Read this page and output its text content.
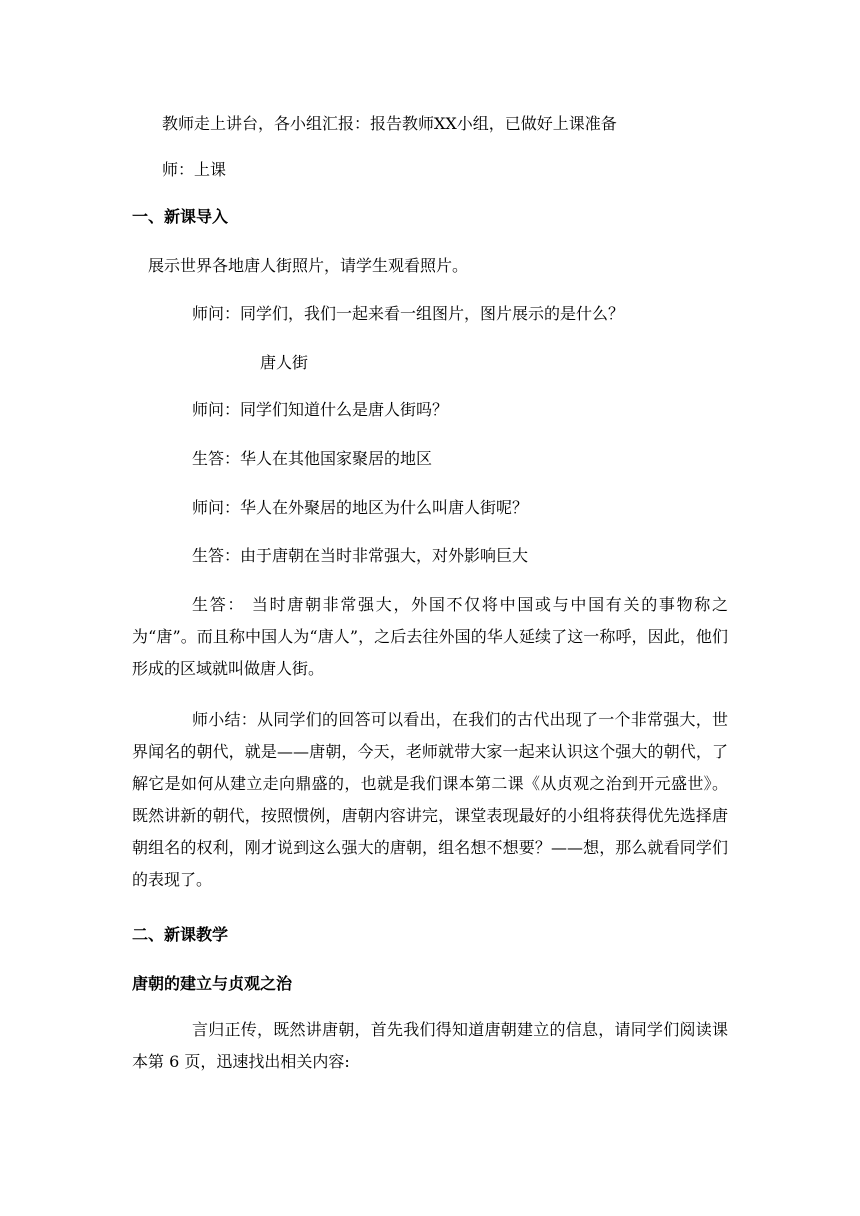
教师走上讲台，各小组汇报：报告教师XX小组，已做好上课准备
师：上课
一、新课导入
展示世界各地唐人街照片，请学生观看照片。
师问：同学们，我们一起来看一组图片，图片展示的是什么？
唐人街
师问：同学们知道什么是唐人街吗？
生答：华人在其他国家聚居的地区
师问：华人在外聚居的地区为什么叫唐人街呢？
生答：由于唐朝在当时非常强大，对外影响巨大

生答： 当时唐朝非常强大，外国不仅将中国或与中国有关的事物称之为“唐”。而且称中国人为“唐人”，之后去往外国的华人延续了这一称呼，因此，他们形成的区域就叫做唐人街。

师小结：从同学们的回答可以看出，在我们的古代出现了一个非常强大，世界闻名的朝代，就是——唐朝，今天，老师就带大家一起来认识这个强大的朝代，了解它是如何从建立走向鼎盛的，也就是我们课本第二课《从贞观之治到开元盛世》。既然讲新的朝代，按照惯例，唐朝内容讲完，课堂表现最好的小组将获得优先选择唐朝组名的权利，刚才说到这么强大的唐朝，组名想不想要？——想，那么就看同学们的表现了。

二、新课教学
唐朝的建立与贞观之治

言归正传，既然讲唐朝，首先我们得知道唐朝建立的信息，请同学们阅读课本第 6 页，迅速找出相关内容:
